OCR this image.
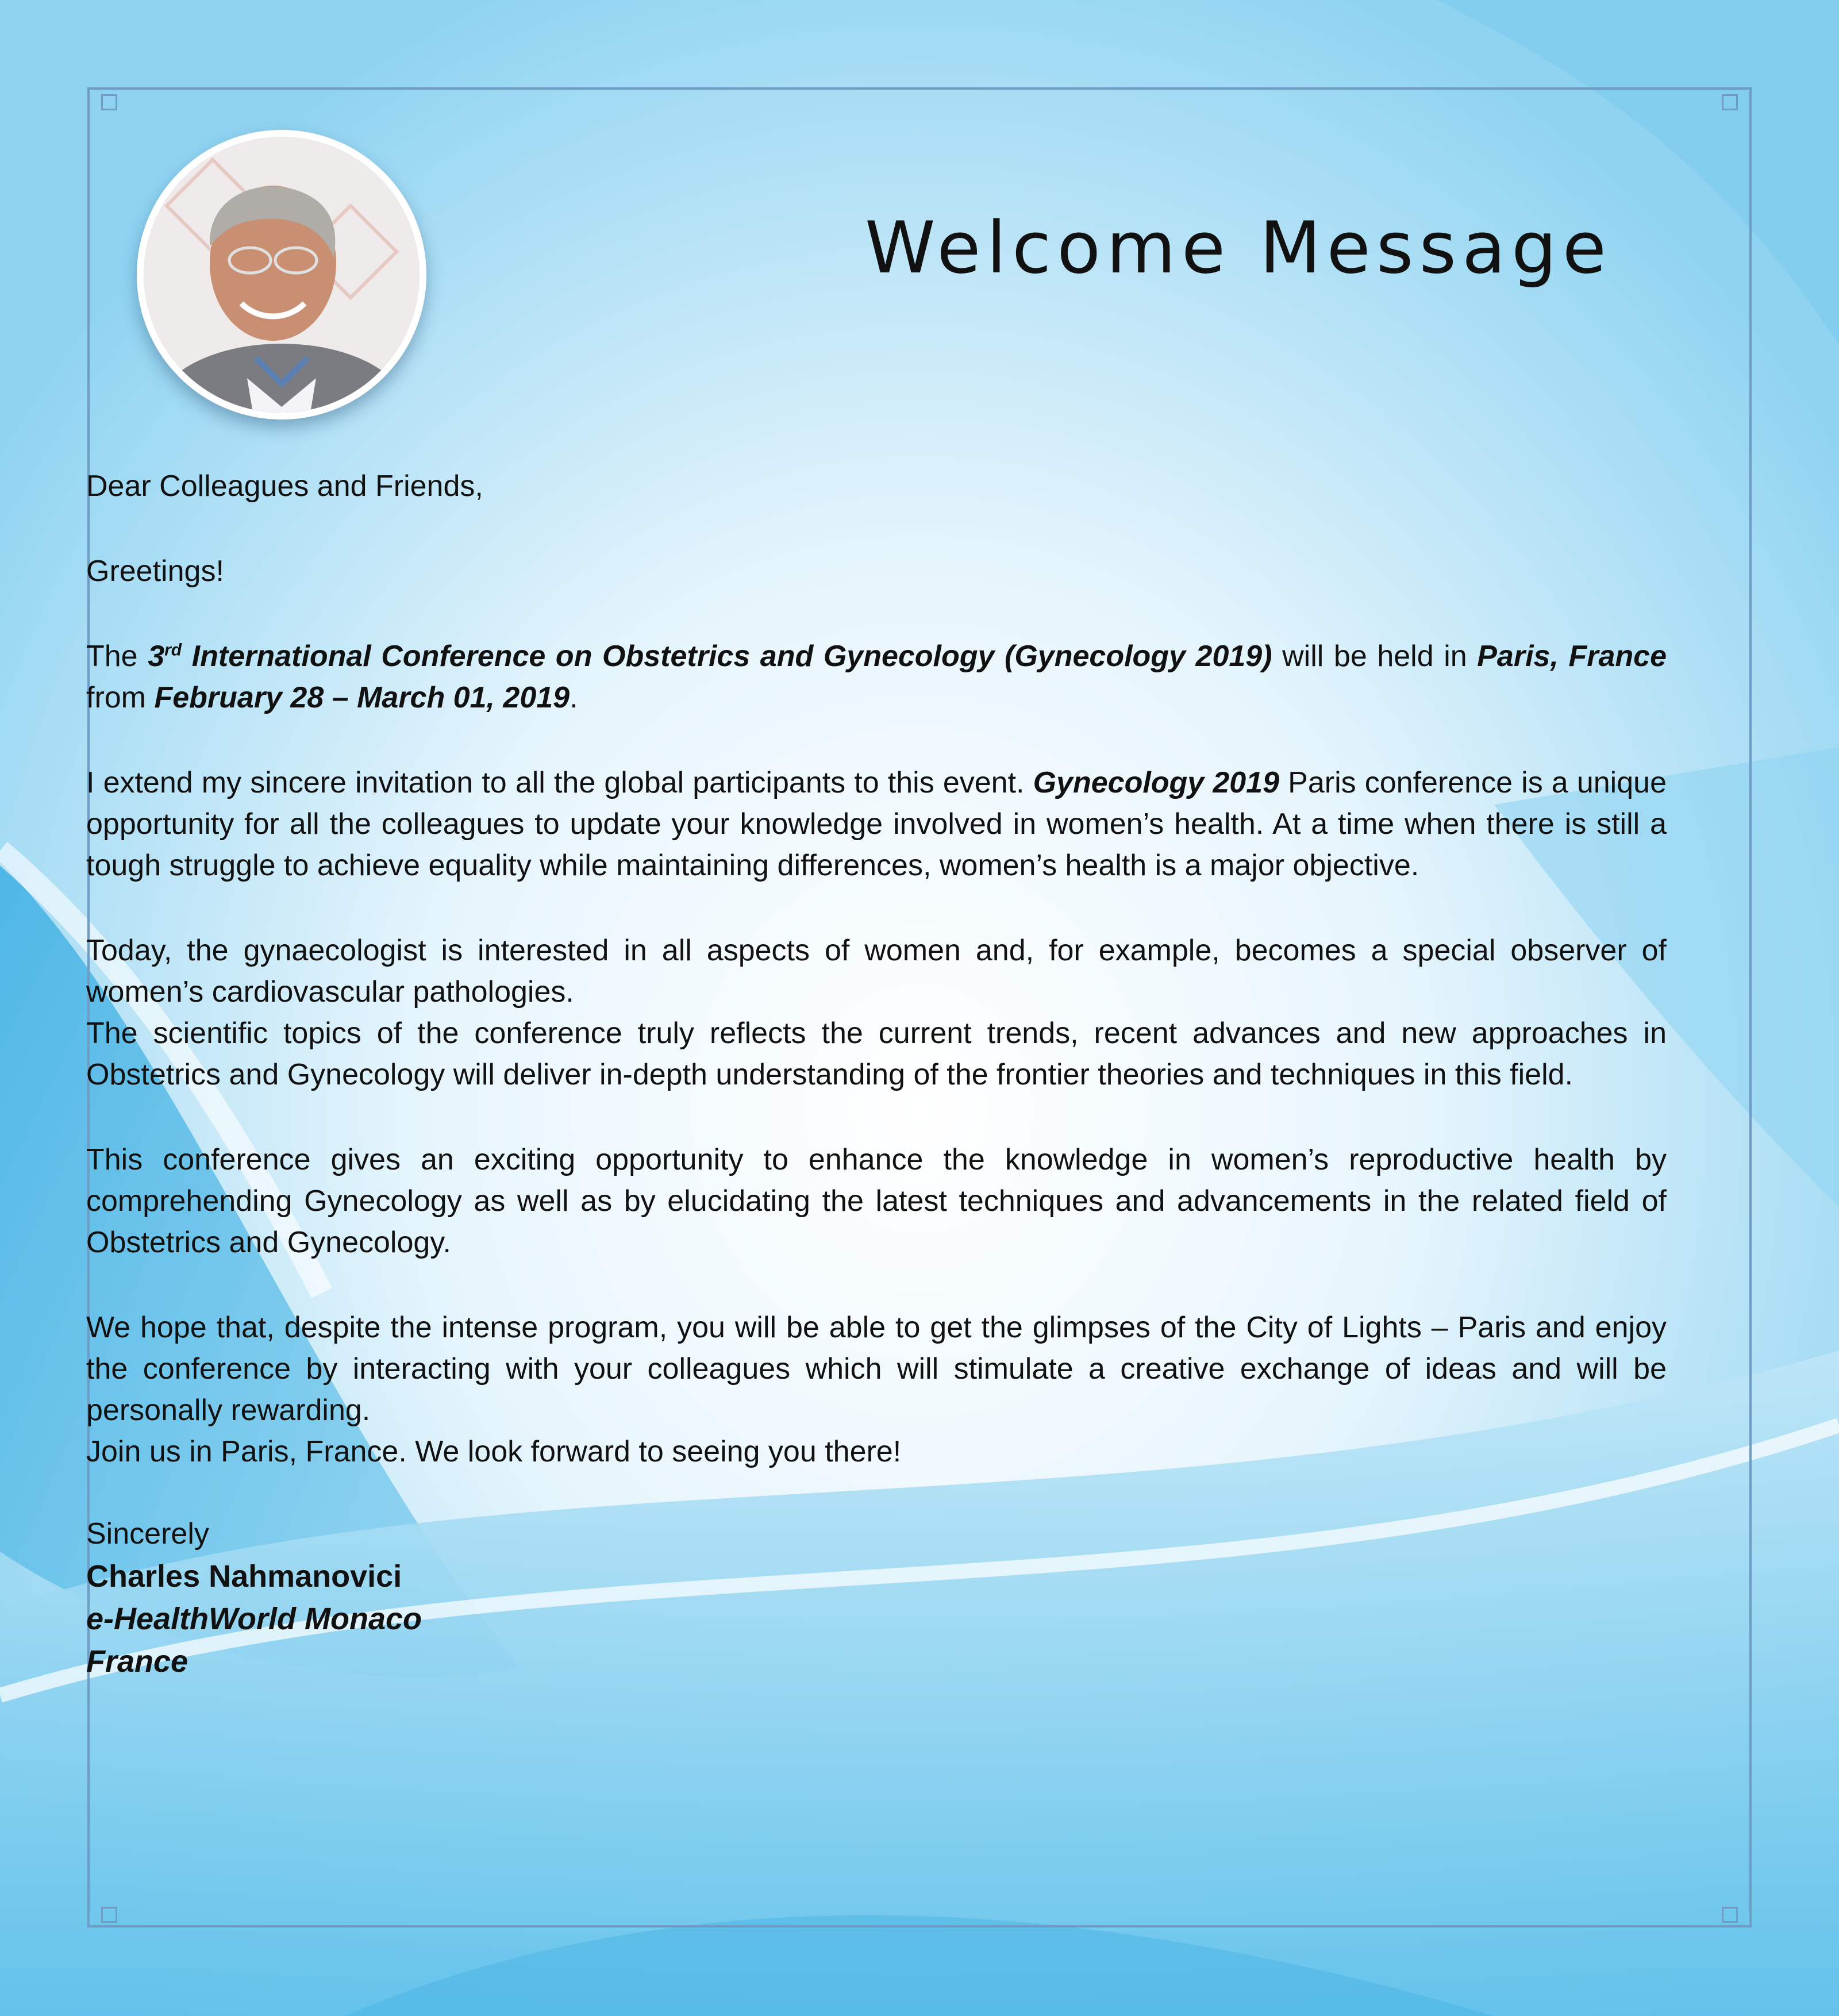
Welcome Message

Dear Colleagues and Friends,

Greetings!

The 3rd International Conference on Obstetrics and Gynecology (Gynecology 2019) will be held in Paris, France from February 28 – March 01, 2019.

I extend my sincere invitation to all the global participants to this event. Gynecology 2019 Paris conference is a unique opportunity for all the colleagues to update your knowledge involved in women’s health. At a time when there is still a tough struggle to achieve equality while maintaining differences, women’s health is a major objective.

Today, the gynaecologist is interested in all aspects of women and, for example, becomes a special observer of women’s cardiovascular pathologies.

The scientific topics of the conference truly reflects the current trends, recent advances and new approaches in Obstetrics and Gynecology will deliver in-depth understanding of the frontier theories and techniques in this field.

This conference gives an exciting opportunity to enhance the knowledge in women’s reproductive health by comprehending Gynecology as well as by elucidating the latest techniques and advancements in the related field of Obstetrics and Gynecology.

We hope that, despite the intense program, you will be able to get the glimpses of the City of Lights – Paris and enjoy the conference by interacting with your colleagues which will stimulate a creative exchange of ideas and will be personally rewarding.

Join us in Paris, France. We look forward to seeing you there!

Sincerely
Charles Nahmanovici
e-HealthWorld Monaco
France
